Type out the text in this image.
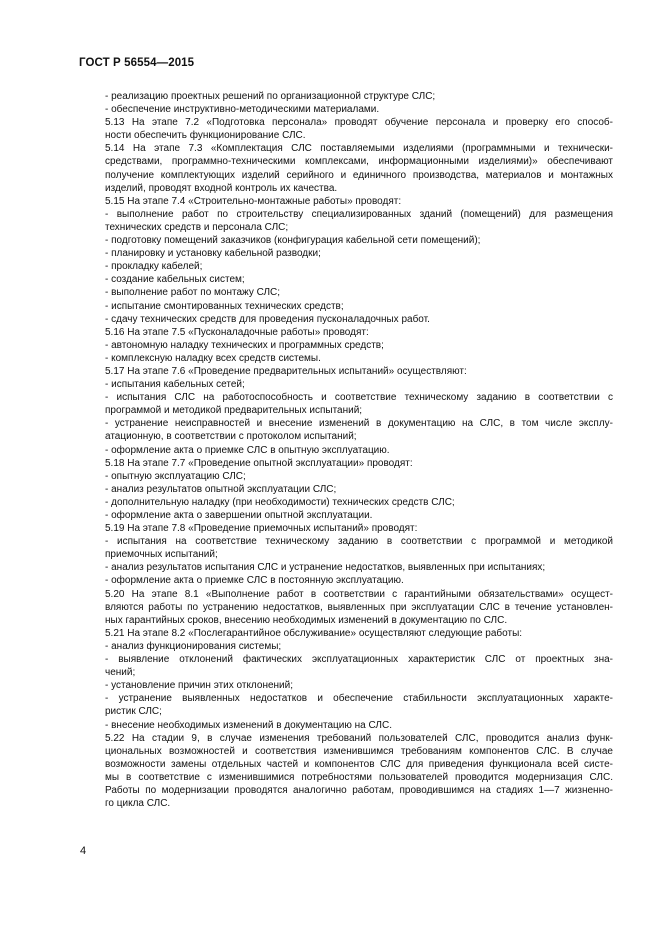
ГОСТ Р 56554—2015
- реализацию проектных решений по организационной структуре СЛС;
- обеспечение инструктивно-методическими материалами.
5.13 На этапе 7.2 «Подготовка персонала» проводят обучение персонала и проверку его способ-
ности обеспечить функционирование СЛС.
5.14 На этапе 7.3 «Комплектация СЛС поставляемыми изделиями (программными и технически-
средствами, программно-техническими комплексами, информационными изделиями)» обеспечивают
получение комплектующих изделий серийного и единичного производства, материалов и монтажных
изделий, проводят входной контроль их качества.
5.15 На этапе 7.4 «Строительно-монтажные работы» проводят:
- выполнение работ по строительству специализированных зданий (помещений) для размещения
технических средств и персонала СЛС;
- подготовку помещений заказчиков (конфигурация кабельной сети помещений);
- планировку и установку кабельной разводки;
- прокладку кабелей;
- создание кабельных систем;
- выполнение работ по монтажу СЛС;
- испытание смонтированных технических средств;
- сдачу технических средств для проведения пусконаладочных работ.
5.16 На этапе 7.5 «Пусконаладочные работы» проводят:
- автономную наладку технических и программных средств;
- комплексную наладку всех средств системы.
5.17 На этапе 7.6 «Проведение предварительных испытаний» осуществляют:
- испытания кабельных сетей;
- испытания СЛС на работоспособность и соответствие техническому заданию в соответствии с
программой и методикой предварительных испытаний;
- устранение неисправностей и внесение изменений в документацию на СЛС, в том числе эксплу-
атационную, в соответствии с протоколом испытаний;
- оформление акта о приемке СЛС в опытную эксплуатацию.
5.18 На этапе 7.7 «Проведение опытной эксплуатации» проводят:
- опытную эксплуатацию СЛС;
- анализ результатов опытной эксплуатации СЛС;
- дополнительную наладку (при необходимости) технических средств СЛС;
- оформление акта о завершении опытной эксплуатации.
5.19 На этапе 7.8 «Проведение приемочных испытаний» проводят:
- испытания на соответствие техническому заданию в соответствии с программой и методикой
приемочных испытаний;
- анализ результатов испытания СЛС и устранение недостатков, выявленных при испытаниях;
- оформление акта о приемке СЛС в постоянную эксплуатацию.
5.20 На этапе 8.1 «Выполнение работ в соответствии с гарантийными обязательствами» осущест-
вляются работы по устранению недостатков, выявленных при эксплуатации СЛС в течение установлен-
ных гарантийных сроков, внесению необходимых изменений в документацию по СЛС.
5.21 На этапе 8.2 «Послегарантийное обслуживание» осуществляют следующие работы:
- анализ функционирования системы;
- выявление отклонений фактических эксплуатационных характеристик СЛС от проектных зна-
чений;
- установление причин этих отклонений;
- устранение выявленных недостатков и обеспечение стабильности эксплуатационных характе-
ристик СЛС;
- внесение необходимых изменений в документацию на СЛС.
5.22 На стадии 9, в случае изменения требований пользователей СЛС, проводится анализ функ-
циональных возможностей и соответствия изменившимся требованиям компонентов СЛС. В случае
возможности замены отдельных частей и компонентов СЛС для приведения функционала всей систе-
мы в соответствие с изменившимися потребностями пользователей проводится модернизация СЛС.
Работы по модернизации проводятся аналогично работам, проводившимся на стадиях 1—7 жизненно-
го цикла СЛС.
4
